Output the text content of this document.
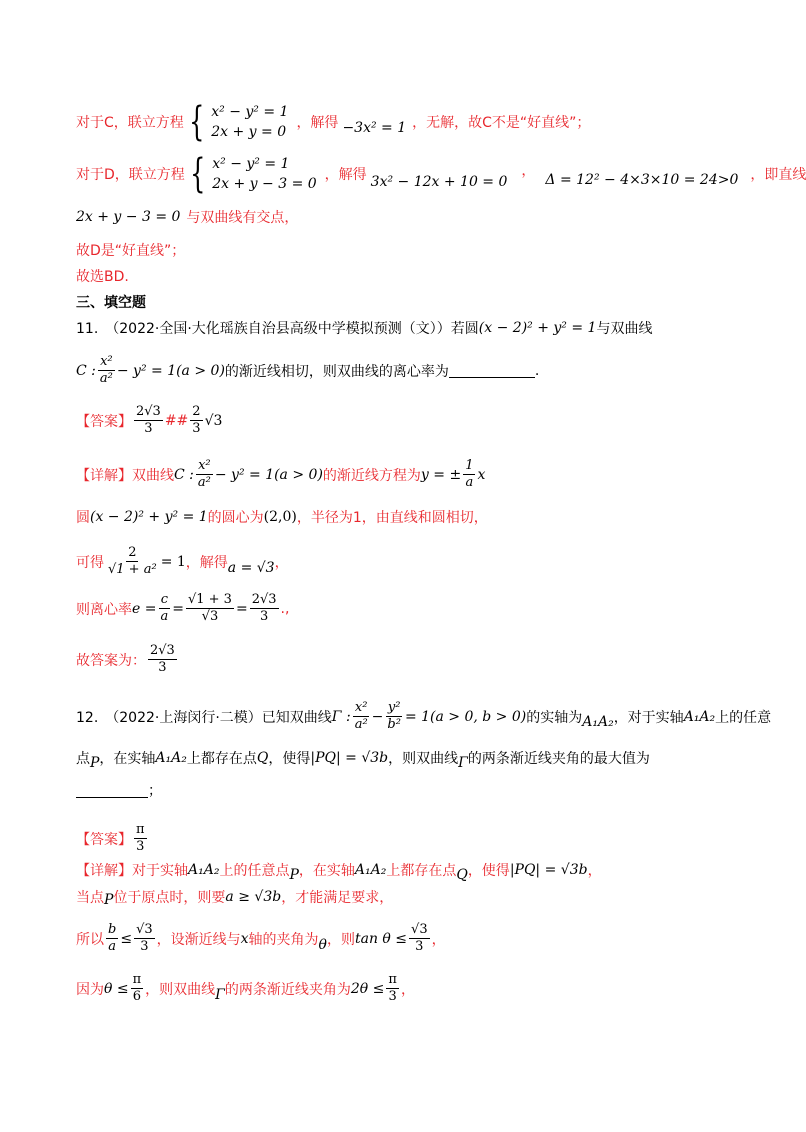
对于C，联立方程 { x² − y² = 1
2x + y = 0
，解得 −3x² = 1 ，无解，故C不是“好直线”；
对于D，联立方程 { x² − y² = 1
2x + y − 3 = 0
，解得 3x² − 12x + 10 = 0
，
Δ = 12² − 4×3×10 = 24>0 ，即直线
2x + y − 3 = 0 与双曲线有交点，
故D是“好直线”；
故选BD.
三、填空题
11.　（2022·全国·大化瑶族自治县高级中学模拟预测（文））若圆 (x − 2)² + y² = 1 与双曲线
C : $\frac{\text{x²}}{\text{a²}} - y^2 = 1(a > 0)$ 的渐近线相切，则双曲线的离心率为	.
【答案】 $\frac{2√3}{3}$ ## $\frac{2}{3} √3$
【详解】 双曲线 C : $\frac{\text{x²}}{\text{a²}} - y^2 = 1(a > 0)$ 的渐近线方程为 y = ± $\frac{1}{a}$ x
圆 (x − 2)² + y² = 1 的圆心为 (2,0) ，半径为1，由直线和圆相切，
可得 $\frac{2}{\text{√1 + a²}} = 1$ ，解得 a = √3 ，
则离心率 $e = \frac{c}{a} = \frac{√1 + 3}{√3} = \frac{2√3}{3}$ .,
故答案为： $\frac{2√3}{3}$
12.　（2022·上海闵行·二模）已知双曲线 Γ : $\frac{\text{x²}}{\text{a²}} - \frac{\text{y²}}{\text{b²}} = 1(a > 0$, b > 0) 的实轴为 A₁A₂ ，对于实轴 A₁A₂ 上的任意
点 P ，在实轴 A₁A₂ 上都存在点 Q ，使得 |PQ| = √3b ，则双曲线 Γ 的两条渐近线夹角的最大值为
；
【答案】 $\frac{\pi}{3}$
【详解】 对于实轴 A₁A₂ 上的任意点 P ，在实轴 A₁A₂ 上都存在点 Q ，使得 |PQ| = √3b ，
当点 P 位于原点时，则要 a ≥ √3b ，才能满足要求，
所以 $\frac{b}{a} \le \frac{√3}{3}$ ，设渐近线与 x 轴的夹角为 θ ，则 $\tan \theta \le \frac{√3}{3}$ ，
因为 $\theta \le \frac{\pi}{6}$ ，则双曲线 Γ 的两条渐近线夹角为 $2\theta \le \frac{\pi}{3}$ ，
